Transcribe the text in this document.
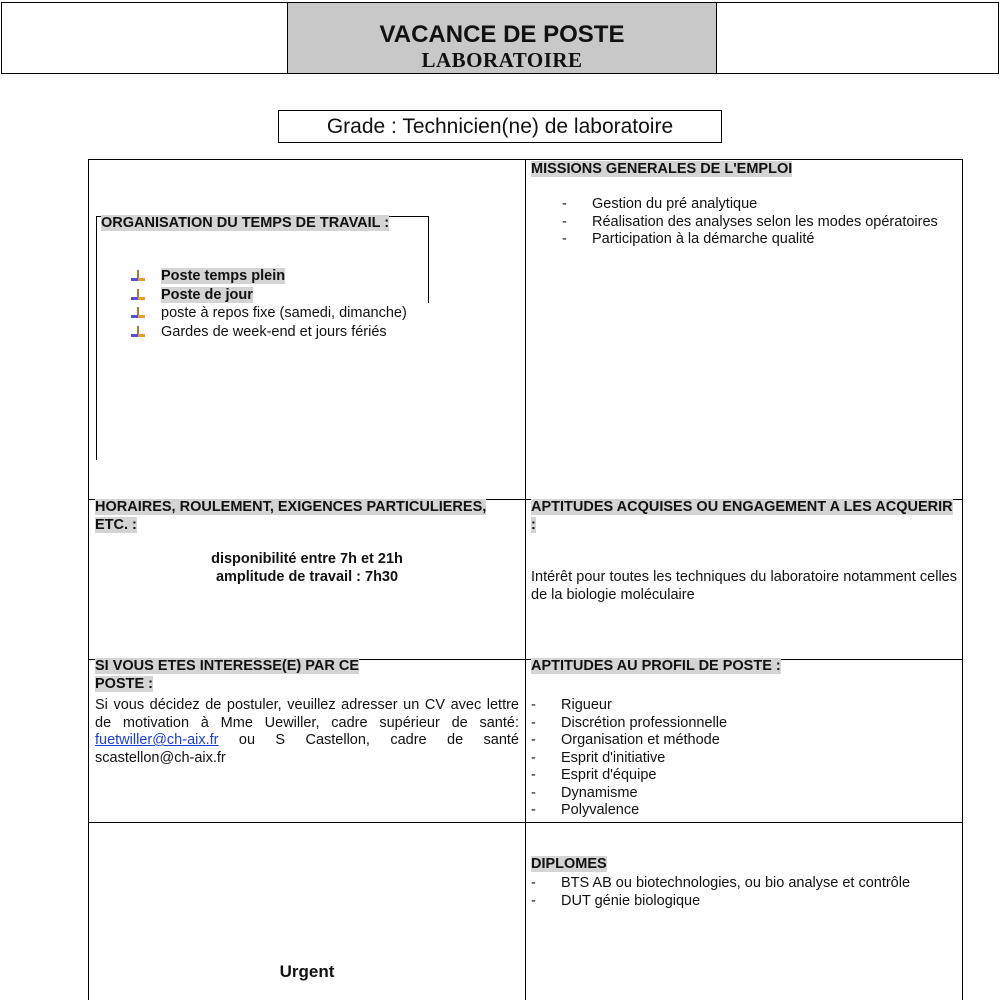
VACANCE DE POSTE
LABORATOIRE
Grade : Technicien(ne) de laboratoire
ORGANISATION DU TEMPS DE TRAVAIL :
Poste temps plein
Poste de jour
poste à repos fixe (samedi, dimanche)
Gardes de week-end et jours fériés
MISSIONS GENERALES DE L'EMPLOI
- Gestion du pré analytique
- Réalisation des analyses selon les modes opératoires
- Participation à la démarche qualité
HORAIRES, ROULEMENT, EXIGENCES PARTICULIERES, ETC. :
disponibilité entre 7h et 21h
amplitude de travail : 7h30
APTITUDES ACQUISES OU ENGAGEMENT A LES ACQUERIR :
Intérêt pour toutes les techniques du laboratoire notamment celles de la biologie moléculaire
SI VOUS ETES INTERESSE(E) PAR CE POSTE :
Si vous décidez de postuler, veuillez adresser un CV avec lettre de motivation à Mme Uewiller, cadre supérieur de santé: fuetwiller@ch-aix.fr ou S Castellon, cadre de santé scastellon@ch-aix.fr
APTITUDES AU PROFIL DE POSTE :
- Rigueur
- Discrétion professionnelle
- Organisation et méthode
- Esprit d'initiative
- Esprit d'équipe
- Dynamisme
- Polyvalence
Urgent
DIPLOMES
- BTS AB ou biotechnologies, ou bio analyse et contrôle
- DUT génie biologique
